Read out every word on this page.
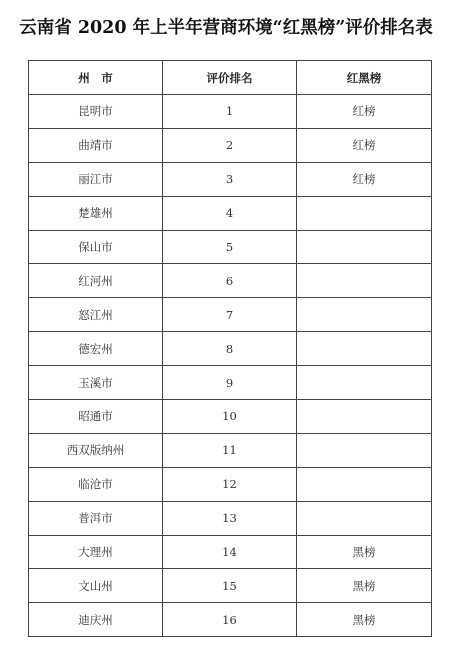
云南省 2020 年上半年营商环境“红黑榜”评价排名表
州　市	评价排名	红黑榜
昆明市	1	红榜
曲靖市	2	红榜
丽江市	3	红榜
楚雄州	4	
保山市	5	
红河州	6	
怒江州	7	
德宏州	8	
玉溪市	9	
昭通市	10	
西双版纳州	11	
临沧市	12	
普洱市	13	
大理州	14	黑榜
文山州	15	黑榜
迪庆州	16	黑榜
